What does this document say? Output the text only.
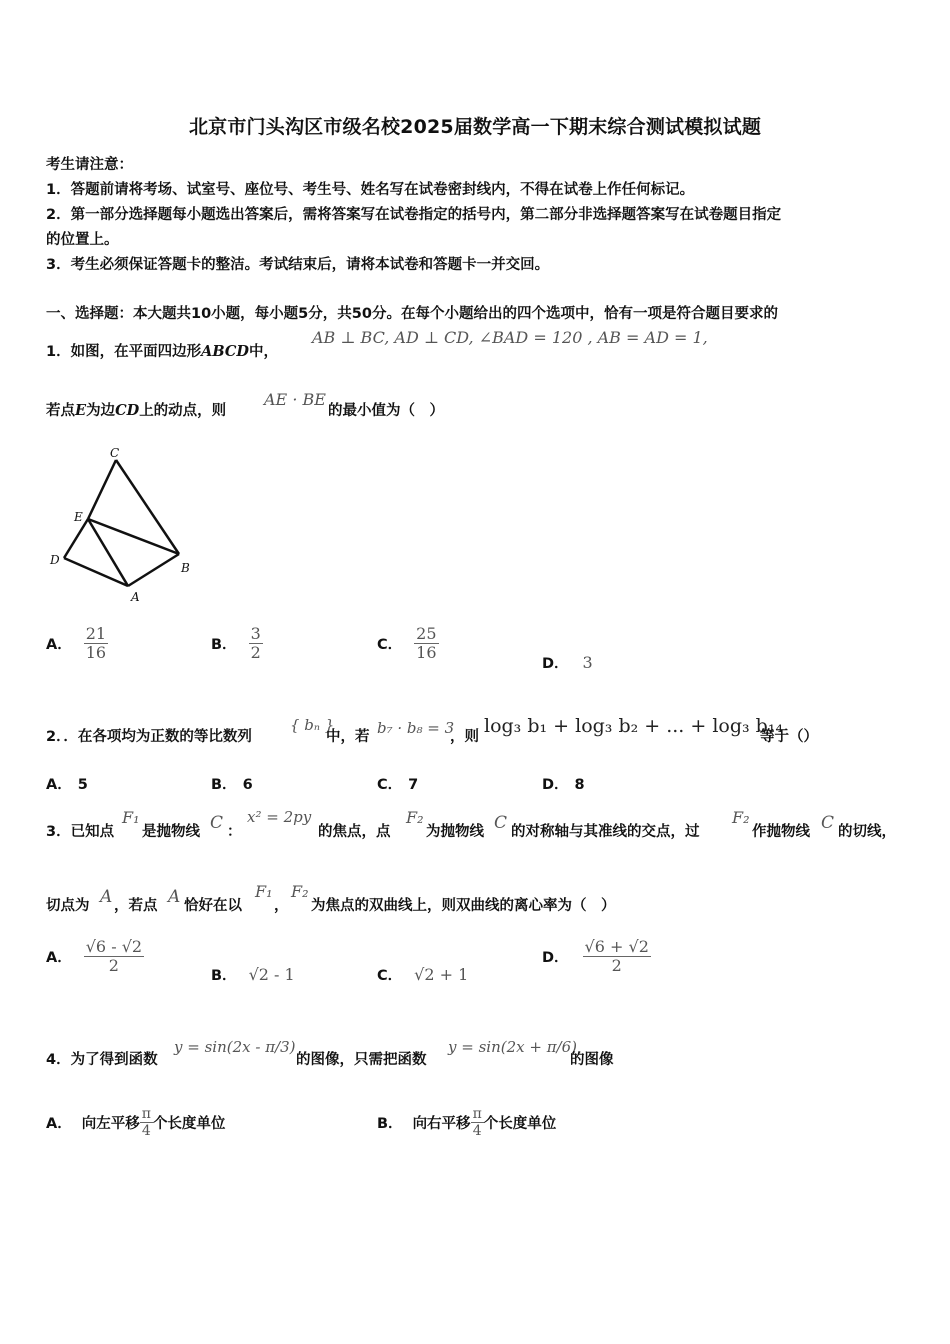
北京市门头沟区市级名校2025届数学高一下期末综合测试模拟试题
考生请注意：
1．答题前请将考场、试室号、座位号、考生号、姓名写在试卷密封线内，不得在试卷上作任何标记。
2．第一部分选择题每小题选出答案后，需将答案写在试卷指定的括号内，第二部分非选择题答案写在试卷题目指定
的位置上。
3．考生必须保证答题卡的整洁。考试结束后，请将本试卷和答题卡一并交回。
一、选择题：本大题共10小题，每小题5分，共50分。在每个小题给出的四个选项中，恰有一项是符合题目要求的
1．如图，在平面四边形ABCD中，
AB ⊥ BC, AD ⊥ CD, ∠BAD = 120 , AB = AD = 1,
若点E为边CD上的动点，则
AE · BE
的最小值为（　）
C
E
D
B
A
A． $\frac{21}{16}$	B． $\frac{3}{2}$	C． $\frac{25}{16}$
D． 3
2．．在各项均为正数的等比数列
{ bₙ }
中，若 b₇ · b₈ = 3
，则 log₃ b₁ + log₃ b₂ + ... + log₃ b₁₄
等于（）
A． 5	B． 6	C． 7	D． 8
3．已知点
F₁
是抛物线 C ：
x² = 2py
的焦点，点
F₂
为抛物线 C 的对称轴与其准线的交点，过
F₂
作抛物线 C 的切线，
切点为 A ，若点 A 恰好在以
F₁
，
F₂
为焦点的双曲线上，则双曲线的离心率为（　）
A． $\frac{√6 - √2}{2}$
B． √2 - 1	C． √2 + 1
D． $\frac{√6 + √2}{2}$
4．为了得到函数
y = sin(2x - π/3)
的图像，只需把函数
y = sin(2x + π/6)
的图像
A． 向左平移 $\frac{\pi}{4}$ 个长度单位	B． 向右平移 $\frac{\pi}{4}$ 个长度单位
